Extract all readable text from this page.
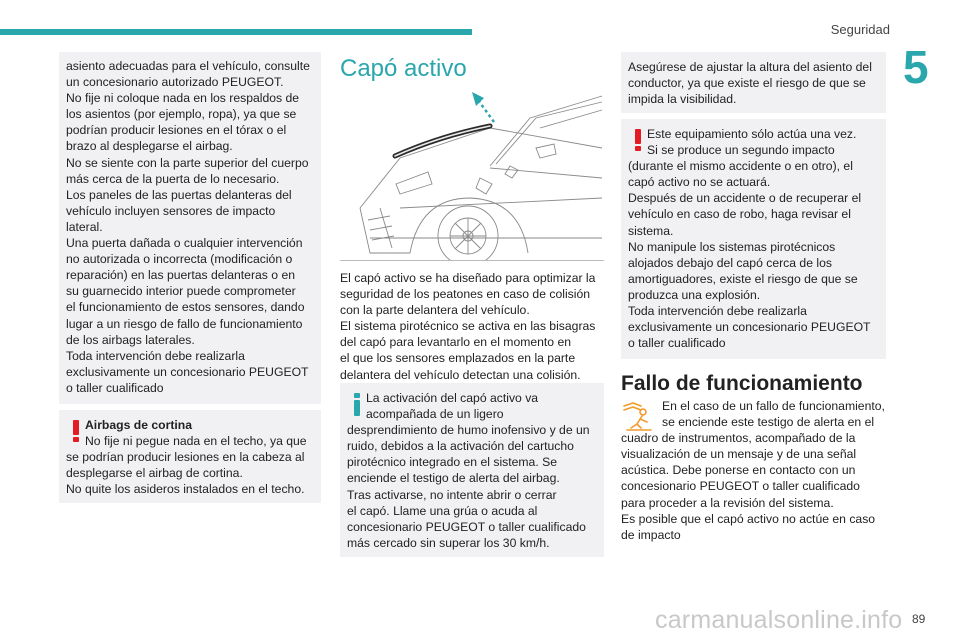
Seguridad
5

asiento adecuadas para el vehículo, consulte

un concesionario autorizado PEUGEOT.

No fije ni coloque nada en los respaldos de

los asientos (por ejemplo, ropa), ya que se

podrían producir lesiones en el tórax o el

brazo al desplegarse el airbag.

No se siente con la parte superior del cuerpo

más cerca de la puerta de lo necesario.

Los paneles de las puertas delanteras del

vehículo incluyen sensores de impacto

lateral.

Una puerta dañada o cualquier intervención

no autorizada o incorrecta (modificación o

reparación) en las puertas delanteras o en

su guarnecido interior puede comprometer

el funcionamiento de estos sensores, dando

lugar a un riesgo de fallo de funcionamiento

de los airbags laterales.

Toda intervención debe realizarla

exclusivamente un concesionario PEUGEOT

o taller cualificado

Airbags de cortina

No fije ni pegue nada en el techo, ya que

se podrían producir lesiones en la cabeza al

desplegarse el airbag de cortina.

No quite los asideros instalados en el techo.

Capó activo

El capó activo se ha diseñado para optimizar la

seguridad de los peatones en caso de colisión

con la parte delantera del vehículo.

El sistema pirotécnico se activa en las bisagras

del capó para levantarlo en el momento en

el que los sensores emplazados en la parte

delantera del vehículo detectan una colisión.

La activación del capó activo va

acompañada de un ligero

desprendimiento de humo inofensivo y de un

ruido, debidos a la activación del cartucho

pirotécnico integrado en el sistema. Se

enciende el testigo de alerta del airbag.

Tras activarse, no intente abrir o cerrar

el capó. Llame una grúa o acuda al

concesionario PEUGEOT o taller cualificado

más cercado sin superar los 30 km/h.

Asegúrese de ajustar la altura del asiento del

conductor, ya que existe el riesgo de que se

impida la visibilidad.

Este equipamiento sólo actúa una vez.

Si se produce un segundo impacto

(durante el mismo accidente o en otro), el

capó activo no se actuará.

Después de un accidente o de recuperar el

vehículo en caso de robo, haga revisar el

sistema.

No manipule los sistemas pirotécnicos

alojados debajo del capó cerca de los

amortiguadores, existe el riesgo de que se

produzca una explosión.

Toda intervención debe realizarla

exclusivamente un concesionario PEUGEOT

o taller cualificado

Fallo de funcionamiento

En el caso de un fallo de funcionamiento,

se enciende este testigo de alerta en el

cuadro de instrumentos, acompañado de la

visualización de un mensaje y de una señal

acústica. Debe ponerse en contacto con un

concesionario PEUGEOT o taller cualificado

para proceder a la revisión del sistema.

Es posible que el capó activo no actúe en caso

de impacto

carmanualsonline.info 89
